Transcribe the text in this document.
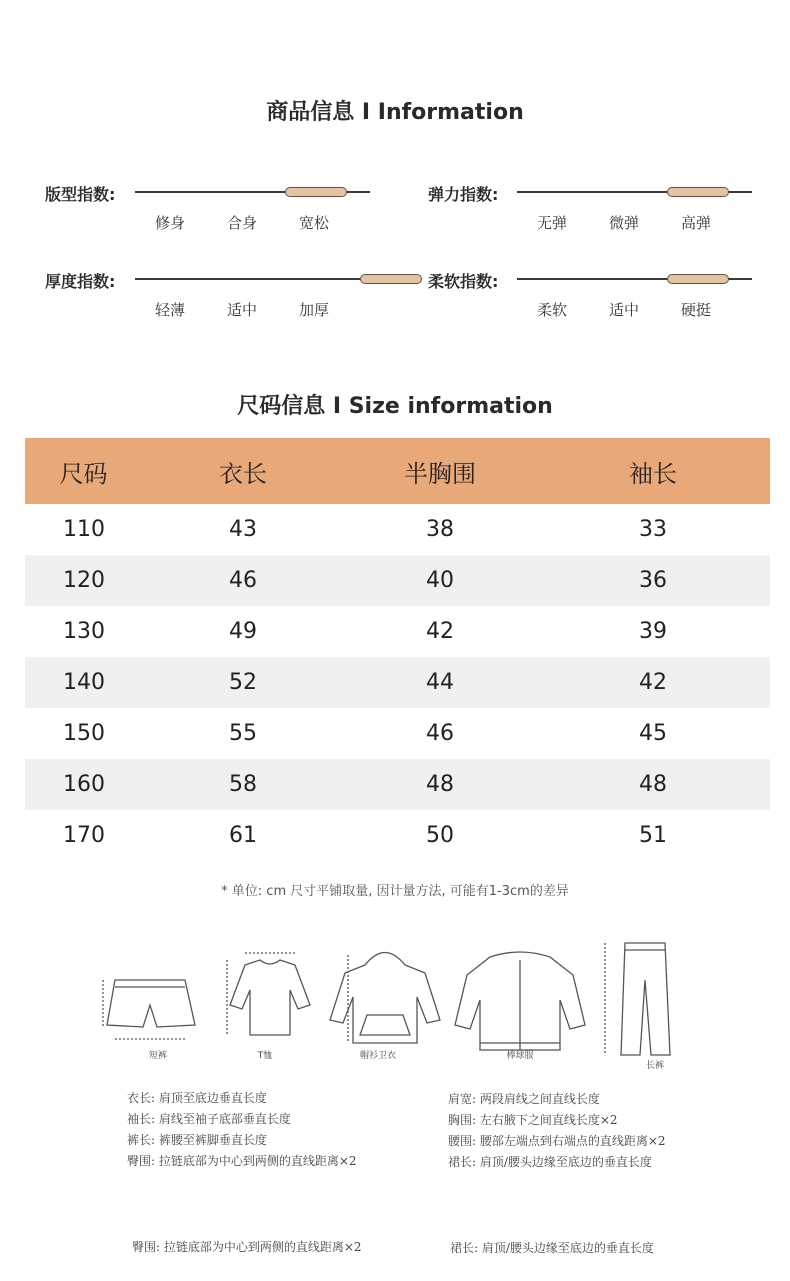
商品信息 I Information
版型指数:
修身	合身	宽松
弹力指数:
无弹	微弹	高弹
厚度指数:
轻薄	适中	加厚
柔软指数:
柔软	适中	硬挺
尺码信息 I Size information
尺码	衣长	半胸围	袖长
110	43	38	33
120	46	40	36
130	49	42	39
140	52	44	42
150	55	46	45
160	58	48	48
170	61	50	51
* 单位: cm 尺寸平铺取量, 因计量方法, 可能有1-3cm的差异
短裤	T恤	帽衫卫衣	棒球服
长裤
衣长: 肩顶至底边垂直长度
袖长: 肩线至袖子底部垂直长度
裤长: 裤腰至裤脚垂直长度
臀围: 拉链底部为中心到两侧的直线距离×2
肩宽: 两段肩线之间直线长度
胸围: 左右腋下之间直线长度×2
腰围: 腰部左端点到右端点的直线距离×2
裙长: 肩顶/腰头边缘至底边的垂直长度
臀围: 拉链底部为中心到两侧的直线距离×2	裙长: 肩顶/腰头边缘至底边的垂直长度
